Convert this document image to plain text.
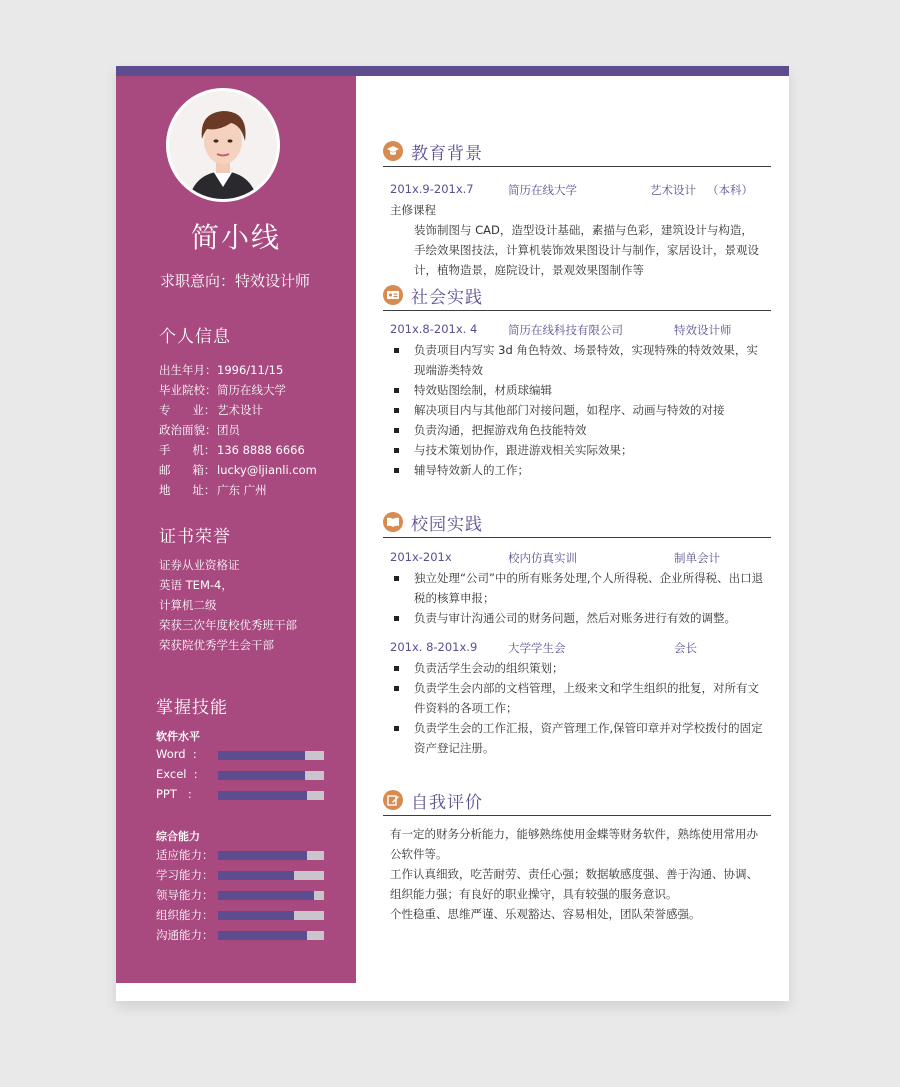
简小线
求职意向：特效设计师
个人信息
出生年月： 1996/11/15
毕业院校： 简历在线大学
专      业： 艺术设计
政治面貌： 团员
手      机： 136 8888 6666
邮      箱： lucky@ljianli.com
地      址： 广东 广州
证书荣誉
证券从业资格证
英语 TEM-4，
计算机二级
荣获三次年度校优秀班干部
荣获院优秀学生会干部
掌握技能
软件水平
Word  :
Excel  :
PPT   :
综合能力
适应能力：
学习能力：
领导能力：
组织能力：
沟通能力：
教育背景
201x.9-201x.7	简历在线大学	艺术设计   （本科）
主修课程
装饰制图与 CAD，造型设计基础，素描与色彩，建筑设计与构造，手绘效果图技法，计算机装饰效果图设计与制作，家居设计，景观设计，植物造景，庭院设计，景观效果图制作等
社会实践
201x.8-201x. 4	简历在线科技有限公司	特效设计师
负责项目内写实 3d 角色特效、场景特效，实现特殊的特效效果，实现端游类特效
特效贴图绘制，材质球编辑
解决项目内与其他部门对接问题，如程序、动画与特效的对接
负责沟通，把握游戏角色技能特效
与技术策划协作，跟进游戏相关实际效果；
辅导特效新人的工作；
校园实践
201x-201x	校内仿真实训	制单会计
独立处理“公司”中的所有账务处理,个人所得税、企业所得税、出口退税的核算申报；
负责与审计沟通公司的财务问题，然后对账务进行有效的调整。
201x. 8-201x.9	大学学生会	会长
负责活学生会动的组织策划；
负责学生会内部的文档管理，上级来文和学生组织的批复，对所有文件资料的各项工作；
负责学生会的工作汇报，资产管理工作,保管印章并对学校拨付的固定资产登记注册。
自我评价
有一定的财务分析能力，能够熟练使用金蝶等财务软件，熟练使用常用办公软件等。
工作认真细致，吃苦耐劳、责任心强；数据敏感度强、善于沟通、协调、组织能力强；有良好的职业操守，具有较强的服务意识。
个性稳重、思维严谨、乐观豁达、容易相处，团队荣誉感强。
